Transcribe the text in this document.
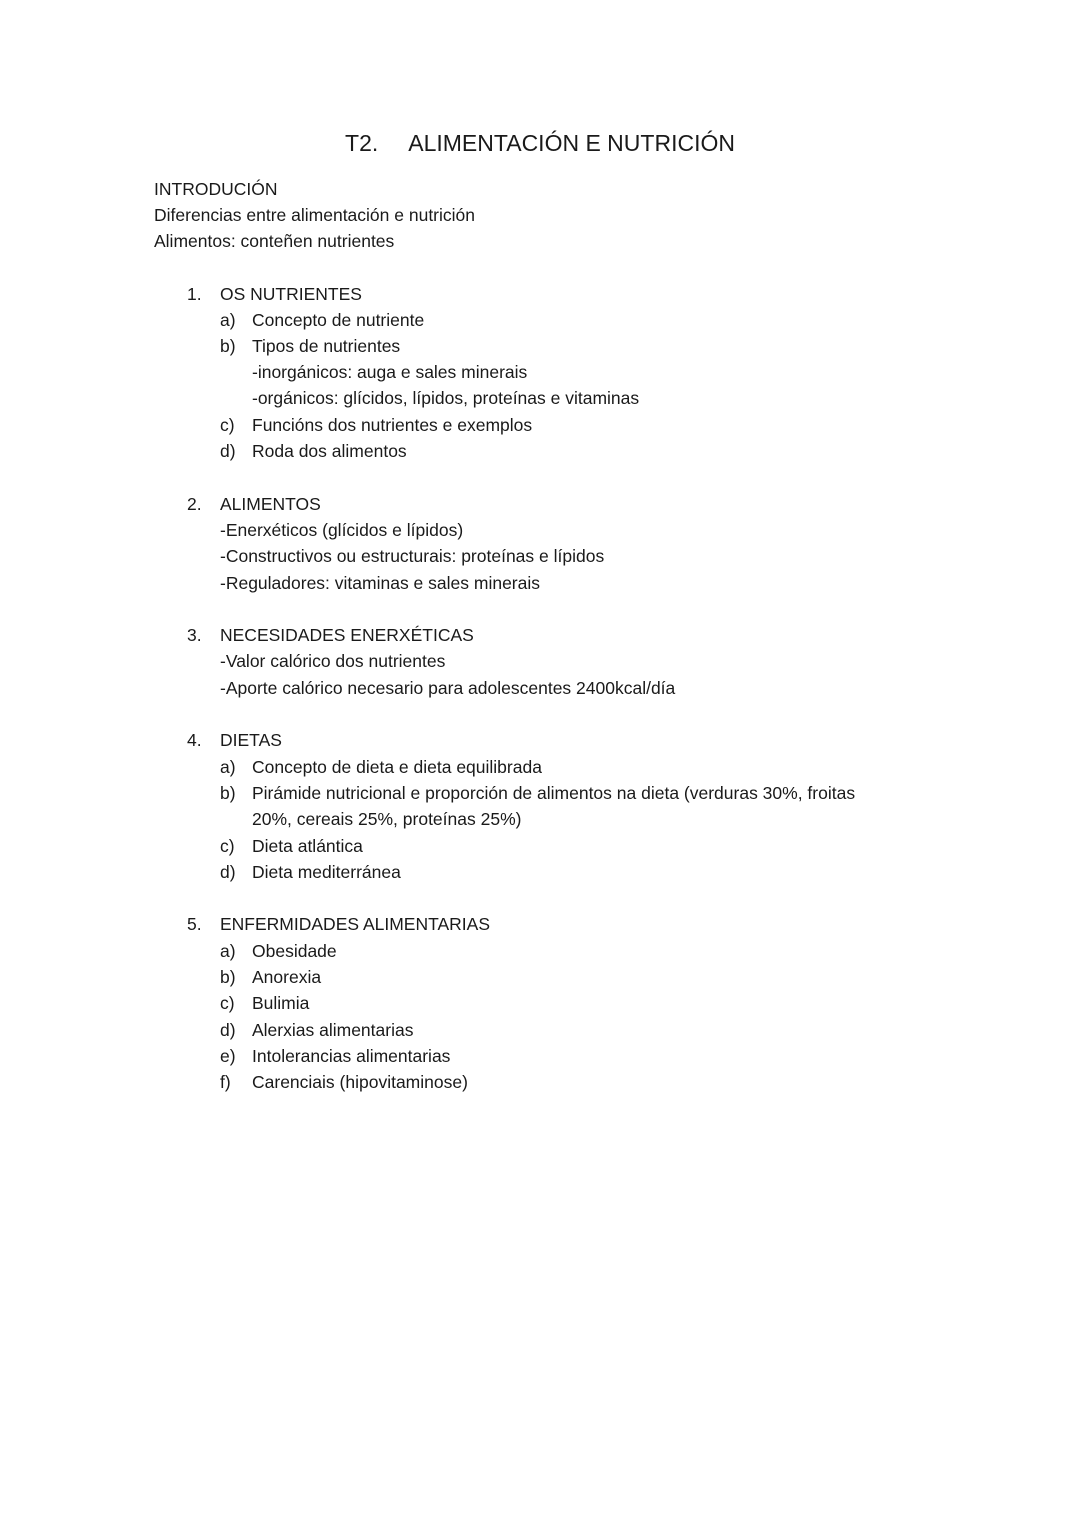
T2. ALIMENTACIÓN E NUTRICIÓN
INTRODUCIÓN
Diferencias entre alimentación e nutrición
Alimentos: conteñen nutrientes
1. OS NUTRIENTES
a) Concepto de nutriente
b) Tipos de nutrientes
-inorgánicos: auga e sales minerais
-orgánicos: glícidos, lípidos, proteínas e vitaminas
c) Funcións dos nutrientes e exemplos
d) Roda dos alimentos
2. ALIMENTOS
-Enerxéticos (glícidos e lípidos)
-Constructivos ou estructurais: proteínas e lípidos
-Reguladores: vitaminas e sales minerais
3. NECESIDADES ENERXÉTICAS
-Valor calórico dos nutrientes
-Aporte calórico necesario para adolescentes 2400kcal/día
4. DIETAS
a) Concepto de dieta e dieta equilibrada
b) Pirámide nutricional e proporción de alimentos na dieta (verduras 30%, froitas
20%, cereais 25%, proteínas 25%)
c) Dieta atlántica
d) Dieta mediterránea
5. ENFERMIDADES ALIMENTARIAS
a) Obesidade
b) Anorexia
c) Bulimia
d) Alerxias alimentarias
e) Intolerancias alimentarias
f) Carenciais (hipovitaminose)
